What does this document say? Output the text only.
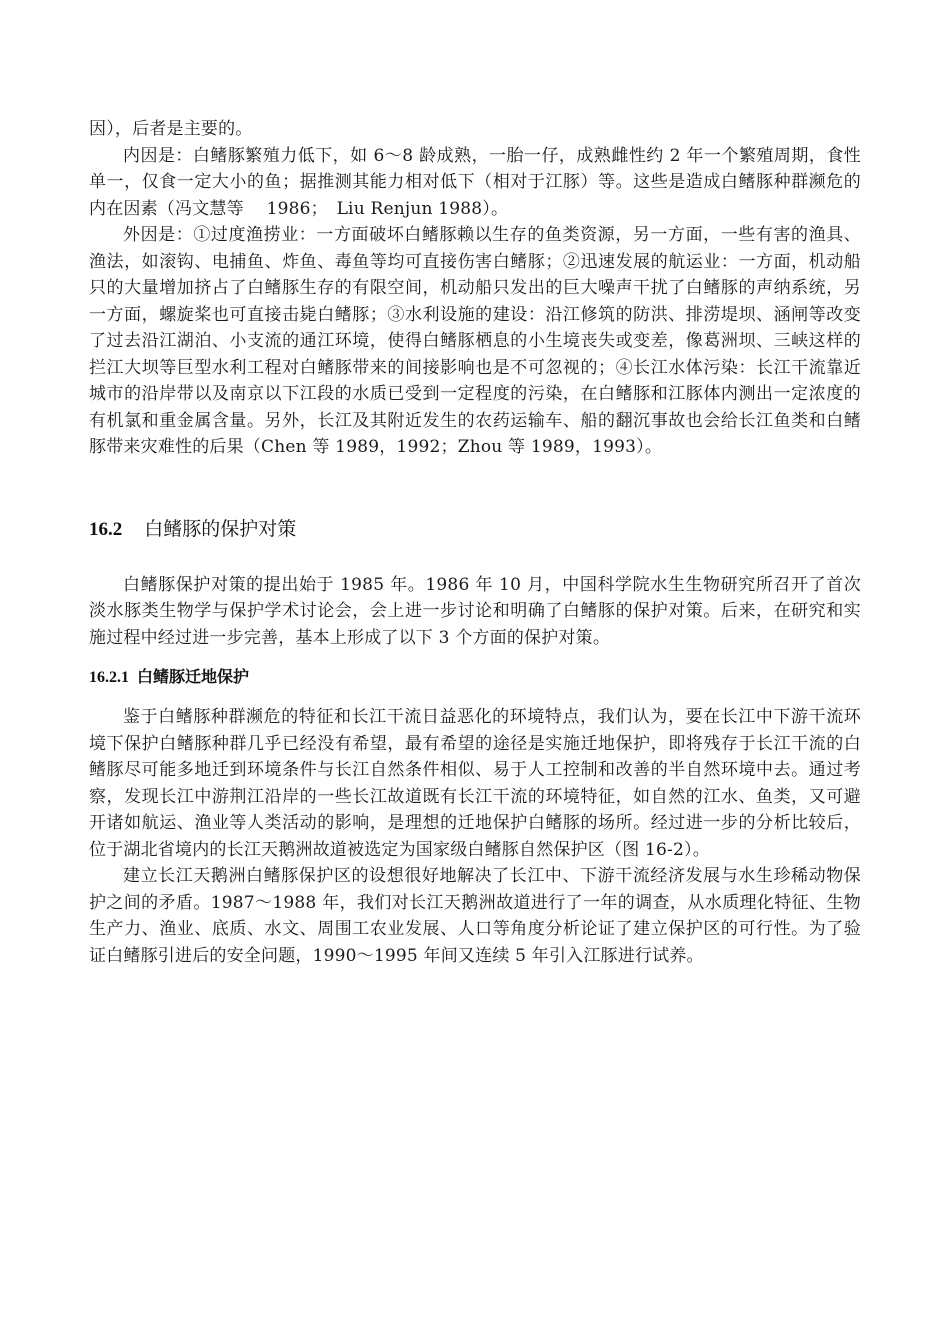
因），后者是主要的。

内因是：白鳍豚繁殖力低下，如 6～8 龄成熟，一胎一仔，成熟雌性约 2 年一个繁殖周期，食性单一，仅食一定大小的鱼；据推测其能力相对低下（相对于江豚）等。这些是造成白鳍豚种群濒危的内在因素（冯文慧等　 1986；　Liu Renjun 1988）。

外因是：①过度渔捞业：一方面破坏白鳍豚赖以生存的鱼类资源，另一方面，一些有害的渔具、渔法，如滚钩、电捕鱼、炸鱼、毒鱼等均可直接伤害白鳍豚；②迅速发展的航运业：一方面，机动船只的大量增加挤占了白鳍豚生存的有限空间，机动船只发出的巨大噪声干扰了白鳍豚的声纳系统，另一方面，螺旋桨也可直接击毙白鳍豚；③水利设施的建设：沿江修筑的防洪、排涝堤坝、涵闸等改变了过去沿江湖泊、小支流的通江环境，使得白鳍豚栖息的小生境丧失或变差，像葛洲坝、三峡这样的拦江大坝等巨型水利工程对白鳍豚带来的间接影响也是不可忽视的；④长江水体污染：长江干流靠近城市的沿岸带以及南京以下江段的水质已受到一定程度的污染，在白鳍豚和江豚体内测出一定浓度的有机氯和重金属含量。另外，长江及其附近发生的农药运输车、船的翻沉事故也会给长江鱼类和白鳍豚带来灾难性的后果（Chen 等 1989，1992；Zhou 等 1989，1993）。

16.2 白鳍豚的保护对策

白鳍豚保护对策的提出始于 1985 年。1986 年 10 月，中国科学院水生生物研究所召开了首次淡水豚类生物学与保护学术讨论会，会上进一步讨论和明确了白鳍豚的保护对策。后来，在研究和实施过程中经过进一步完善，基本上形成了以下 3 个方面的保护对策。

16.2.1 白鳍豚迁地保护

鉴于白鳍豚种群濒危的特征和长江干流日益恶化的环境特点，我们认为，要在长江中下游干流环境下保护白鳍豚种群几乎已经没有希望，最有希望的途径是实施迁地保护，即将残存于长江干流的白鳍豚尽可能多地迁到环境条件与长江自然条件相似、易于人工控制和改善的半自然环境中去。通过考察，发现长江中游荆江沿岸的一些长江故道既有长江干流的环境特征，如自然的江水、鱼类，又可避开诸如航运、渔业等人类活动的影响，是理想的迁地保护白鳍豚的场所。经过进一步的分析比较后，位于湖北省境内的长江天鹅洲故道被选定为国家级白鳍豚自然保护区（图 16-2）。

建立长江天鹅洲白鳍豚保护区的设想很好地解决了长江中、下游干流经济发展与水生珍稀动物保护之间的矛盾。1987～1988 年，我们对长江天鹅洲故道进行了一年的调查，从水质理化特征、生物生产力、渔业、底质、水文、周围工农业发展、人口等角度分析论证了建立保护区的可行性。为了验证白鳍豚引进后的安全问题，1990～1995 年间又连续 5 年引入江豚进行试养。
